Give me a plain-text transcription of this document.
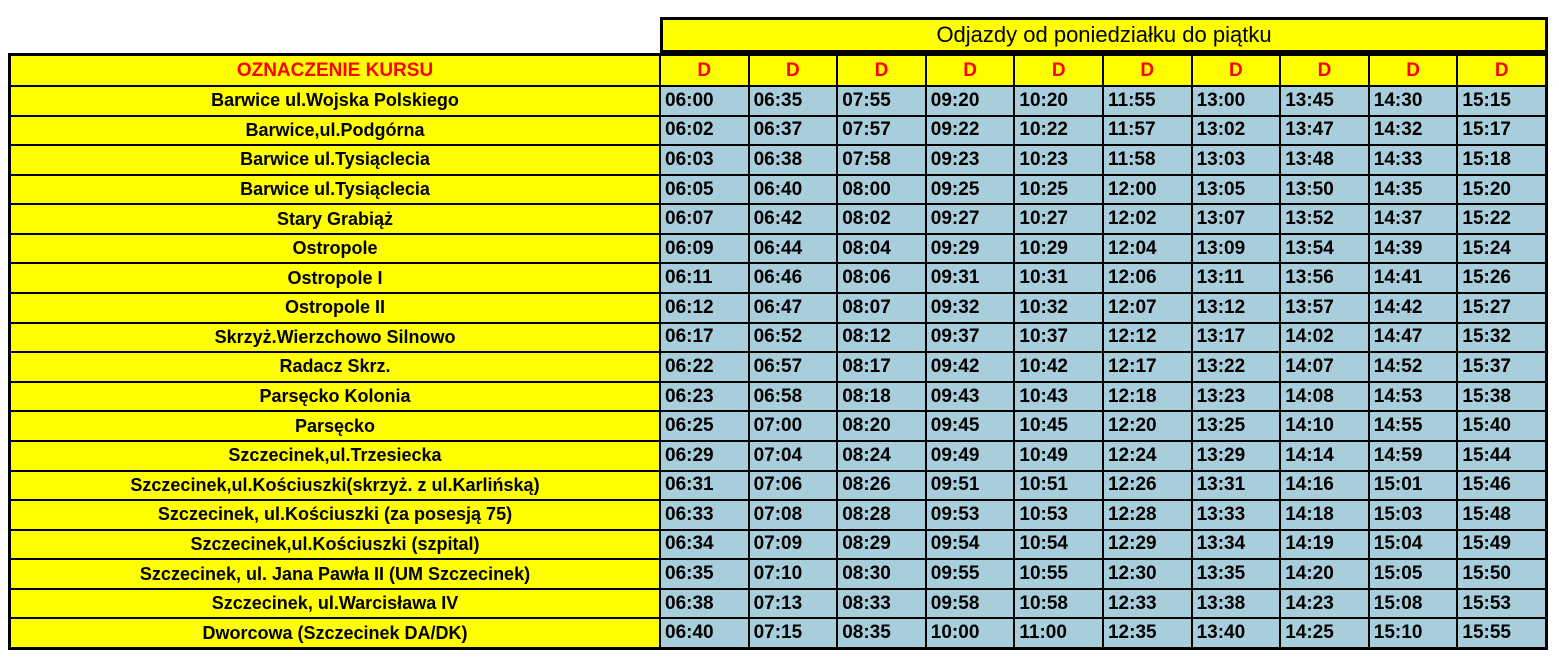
Odjazdy od poniedziałku do piątku
OZNACZENIE KURSU	D	D	D	D	D	D	D	D	D	D
Barwice ul.Wojska Polskiego	06:00	06:35	07:55	09:20	10:20	11:55	13:00	13:45	14:30	15:15
Barwice,ul.Podgórna	06:02	06:37	07:57	09:22	10:22	11:57	13:02	13:47	14:32	15:17
Barwice ul.Tysiąclecia	06:03	06:38	07:58	09:23	10:23	11:58	13:03	13:48	14:33	15:18
Barwice ul.Tysiąclecia	06:05	06:40	08:00	09:25	10:25	12:00	13:05	13:50	14:35	15:20
Stary Grabiąż	06:07	06:42	08:02	09:27	10:27	12:02	13:07	13:52	14:37	15:22
Ostropole	06:09	06:44	08:04	09:29	10:29	12:04	13:09	13:54	14:39	15:24
Ostropole I	06:11	06:46	08:06	09:31	10:31	12:06	13:11	13:56	14:41	15:26
Ostropole II	06:12	06:47	08:07	09:32	10:32	12:07	13:12	13:57	14:42	15:27
Skrzyż.Wierzchowo Silnowo	06:17	06:52	08:12	09:37	10:37	12:12	13:17	14:02	14:47	15:32
Radacz Skrz.	06:22	06:57	08:17	09:42	10:42	12:17	13:22	14:07	14:52	15:37
Parsęcko Kolonia	06:23	06:58	08:18	09:43	10:43	12:18	13:23	14:08	14:53	15:38
Parsęcko	06:25	07:00	08:20	09:45	10:45	12:20	13:25	14:10	14:55	15:40
Szczecinek,ul.Trzesiecka	06:29	07:04	08:24	09:49	10:49	12:24	13:29	14:14	14:59	15:44
Szczecinek,ul.Kościuszki(skrzyż. z ul.Karlińską)	06:31	07:06	08:26	09:51	10:51	12:26	13:31	14:16	15:01	15:46
Szczecinek, ul.Kościuszki (za posesją 75)	06:33	07:08	08:28	09:53	10:53	12:28	13:33	14:18	15:03	15:48
Szczecinek,ul.Kościuszki (szpital)	06:34	07:09	08:29	09:54	10:54	12:29	13:34	14:19	15:04	15:49
Szczecinek, ul. Jana Pawła II (UM Szczecinek)	06:35	07:10	08:30	09:55	10:55	12:30	13:35	14:20	15:05	15:50
Szczecinek, ul.Warcisława IV	06:38	07:13	08:33	09:58	10:58	12:33	13:38	14:23	15:08	15:53
Dworcowa (Szczecinek DA/DK)	06:40	07:15	08:35	10:00	11:00	12:35	13:40	14:25	15:10	15:55
